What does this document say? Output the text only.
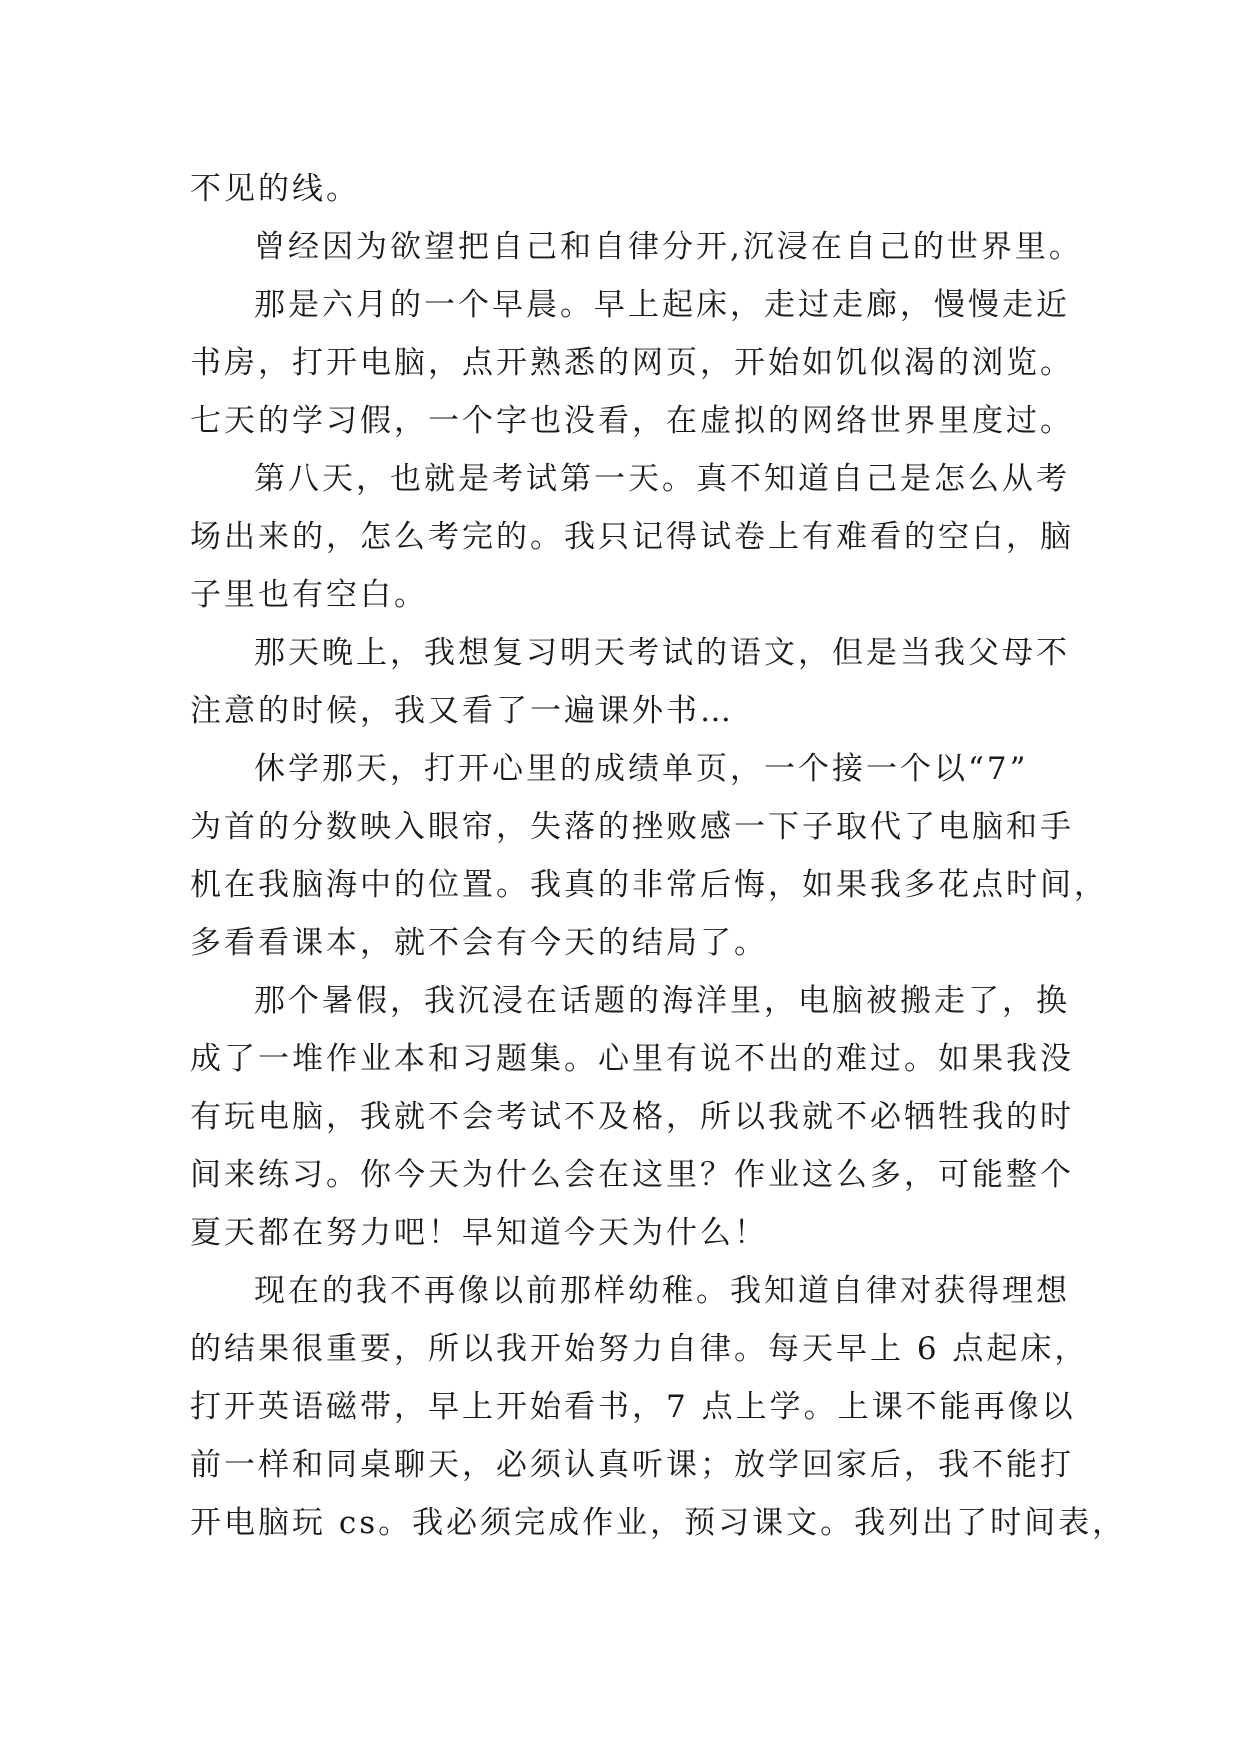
不见的线。
曾经因为欲望把自己和自律分开,沉浸在自己的世界里。
那是六月的一个早晨。早上起床，走过走廊，慢慢走近
书房，打开电脑，点开熟悉的网页，开始如饥似渴的浏览。
七天的学习假，一个字也没看，在虚拟的网络世界里度过。
第八天，也就是考试第一天。真不知道自己是怎么从考
场出来的，怎么考完的。我只记得试卷上有难看的空白，脑
子里也有空白。
那天晚上，我想复习明天考试的语文，但是当我父母不
注意的时候，我又看了一遍课外书…
休学那天，打开心里的成绩单页，一个接一个以“7”
为首的分数映入眼帘，失落的挫败感一下子取代了电脑和手
机在我脑海中的位置。我真的非常后悔，如果我多花点时间，
多看看课本，就不会有今天的结局了。
那个暑假，我沉浸在话题的海洋里，电脑被搬走了，换
成了一堆作业本和习题集。心里有说不出的难过。如果我没
有玩电脑，我就不会考试不及格，所以我就不必牺牲我的时
间来练习。你今天为什么会在这里？作业这么多，可能整个
夏天都在努力吧！早知道今天为什么！
现在的我不再像以前那样幼稚。我知道自律对获得理想
的结果很重要，所以我开始努力自律。每天早上 6 点起床，
打开英语磁带，早上开始看书，7 点上学。上课不能再像以
前一样和同桌聊天，必须认真听课；放学回家后，我不能打
开电脑玩 cs。我必须完成作业，预习课文。我列出了时间表，
